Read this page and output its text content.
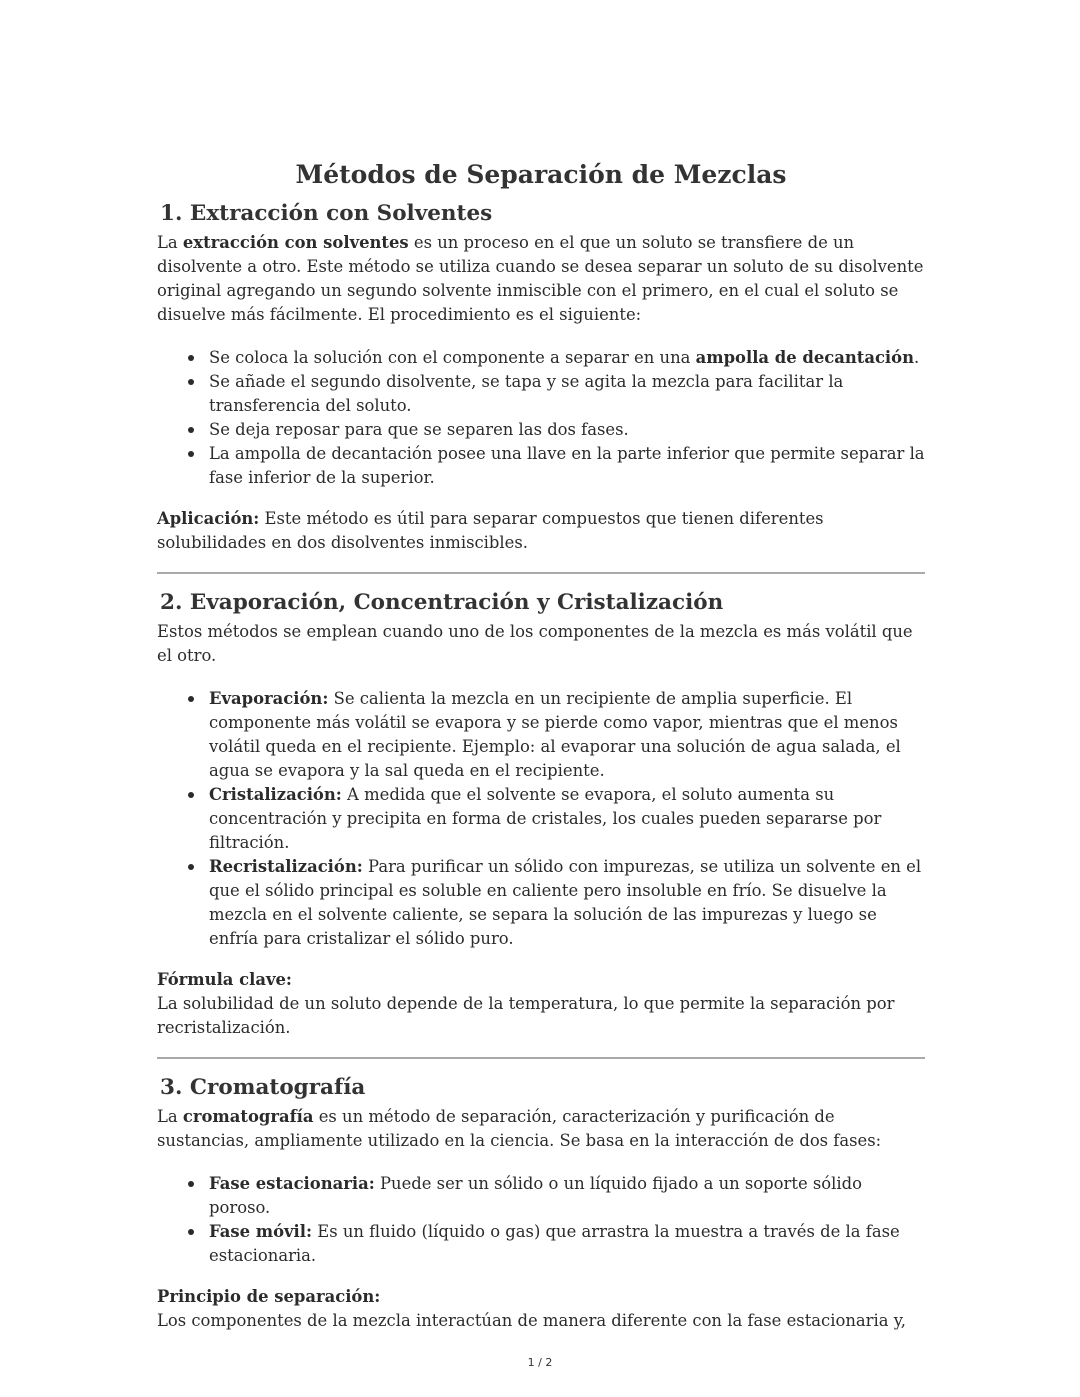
Métodos de Separación de Mezclas
1. Extracción con Solventes

La extracción con solventes es un proceso en el que un soluto se transfiere de un disolvente a otro. Este método se utiliza cuando se desea separar un soluto de su disolvente original agregando un segundo solvente inmiscible con el primero, en el cual el soluto se disuelve más fácilmente. El procedimiento es el siguiente:

Se coloca la solución con el componente a separar en una ampolla de decantación.
Se añade el segundo disolvente, se tapa y se agita la mezcla para facilitar la transferencia del soluto.
Se deja reposar para que se separen las dos fases.
La ampolla de decantación posee una llave en la parte inferior que permite separar la fase inferior de la superior.

Aplicación: Este método es útil para separar compuestos que tienen diferentes solubilidades en dos disolventes inmiscibles.

2. Evaporación, Concentración y Cristalización

Estos métodos se emplean cuando uno de los componentes de la mezcla es más volátil que el otro.

Evaporación: Se calienta la mezcla en un recipiente de amplia superficie. El componente más volátil se evapora y se pierde como vapor, mientras que el menos volátil queda en el recipiente. Ejemplo: al evaporar una solución de agua salada, el agua se evapora y la sal queda en el recipiente.
Cristalización: A medida que el solvente se evapora, el soluto aumenta su concentración y precipita en forma de cristales, los cuales pueden separarse por filtración.
Recristalización: Para purificar un sólido con impurezas, se utiliza un solvente en el que el sólido principal es soluble en caliente pero insoluble en frío. Se disuelve la mezcla en el solvente caliente, se separa la solución de las impurezas y luego se enfría para cristalizar el sólido puro.

Fórmula clave:

La solubilidad de un soluto depende de la temperatura, lo que permite la separación por recristalización.

3. Cromatografía

La cromatografía es un método de separación, caracterización y purificación de sustancias, ampliamente utilizado en la ciencia. Se basa en la interacción de dos fases:

Fase estacionaria: Puede ser un sólido o un líquido fijado a un soporte sólido poroso.
Fase móvil: Es un fluido (líquido o gas) que arrastra la muestra a través de la fase estacionaria.

Principio de separación:

Los componentes de la mezcla interactúan de manera diferente con la fase estacionaria y,

1 / 2
